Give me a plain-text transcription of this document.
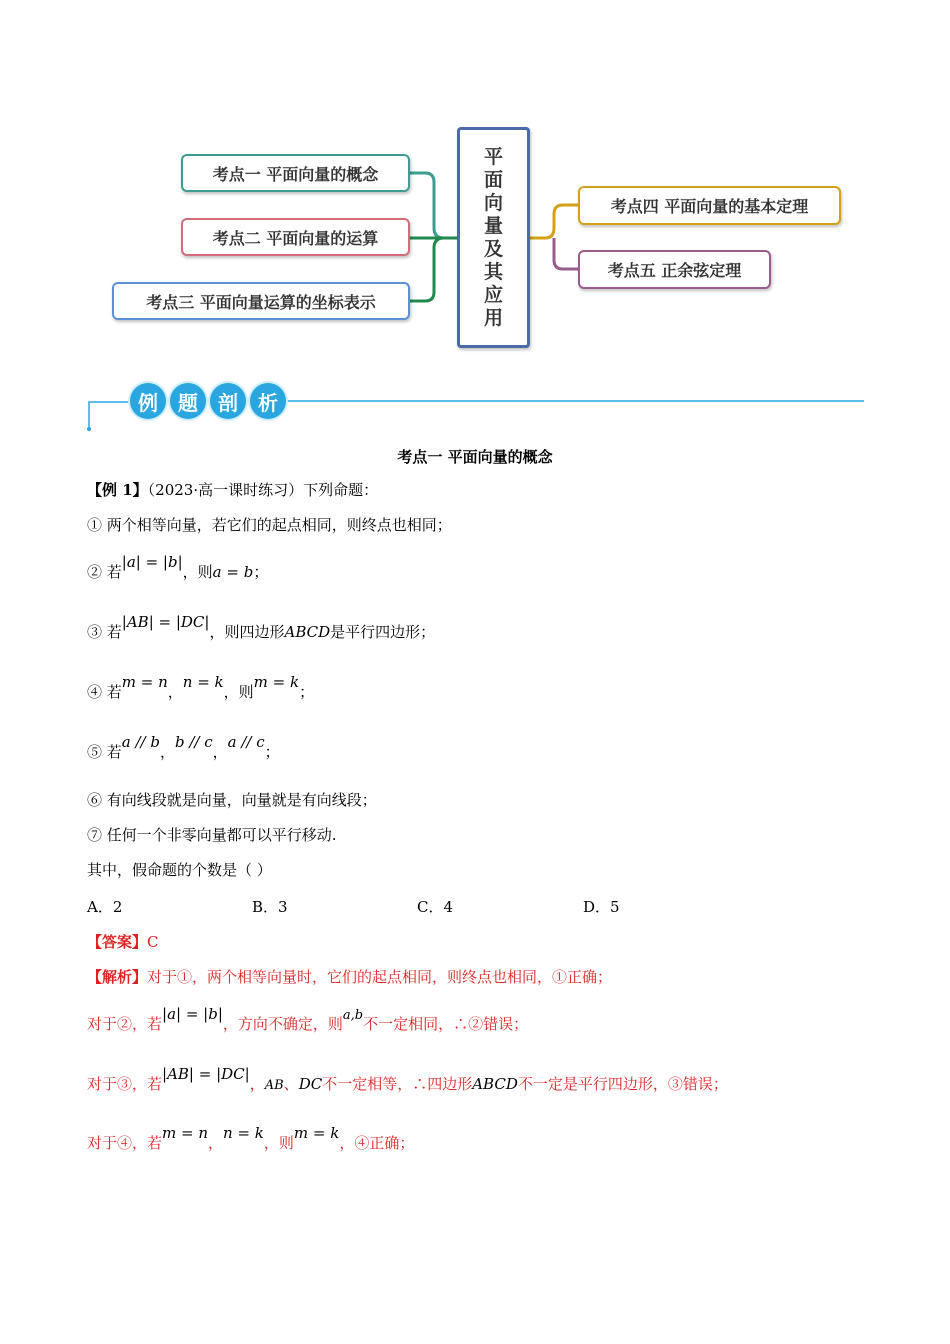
考点一 平面向量的概念
考点二 平面向量的运算
考点三 平面向量运算的坐标表示
平
面
向
量
及
其
应
用
考点四 平面向量的基本定理
考点五 正余弦定理
例	题	剖	析
考点一 平面向量的概念
【例 1】（2023·高一课时练习）下列命题：
① 两个相等向量，若它们的起点相同，则终点也相同；
② 若|a| = |b|，则a = b；
③ 若|AB| = |DC|，则四边形ABCD是平行四边形；
④ 若m = n，n = k，则m = k；
⑤ 若a // b，b // c，a // c；
⑥ 有向线段就是向量，向量就是有向线段；
⑦ 任何一个非零向量都可以平行移动.
其中，假命题的个数是（ ）
A．2	B．3	C．4	D．5
【答案】C
【解析】对于①，两个相等向量时，它们的起点相同，则终点也相同，①正确；
对于②，若|a| = |b|，方向不确定，则a,b不一定相同，∴②错误；
对于③，若|AB| = |DC|，AB、DC不一定相等，∴四边形ABCD不一定是平行四边形，③错误；
对于④，若m = n，n = k，则m = k，④正确；
